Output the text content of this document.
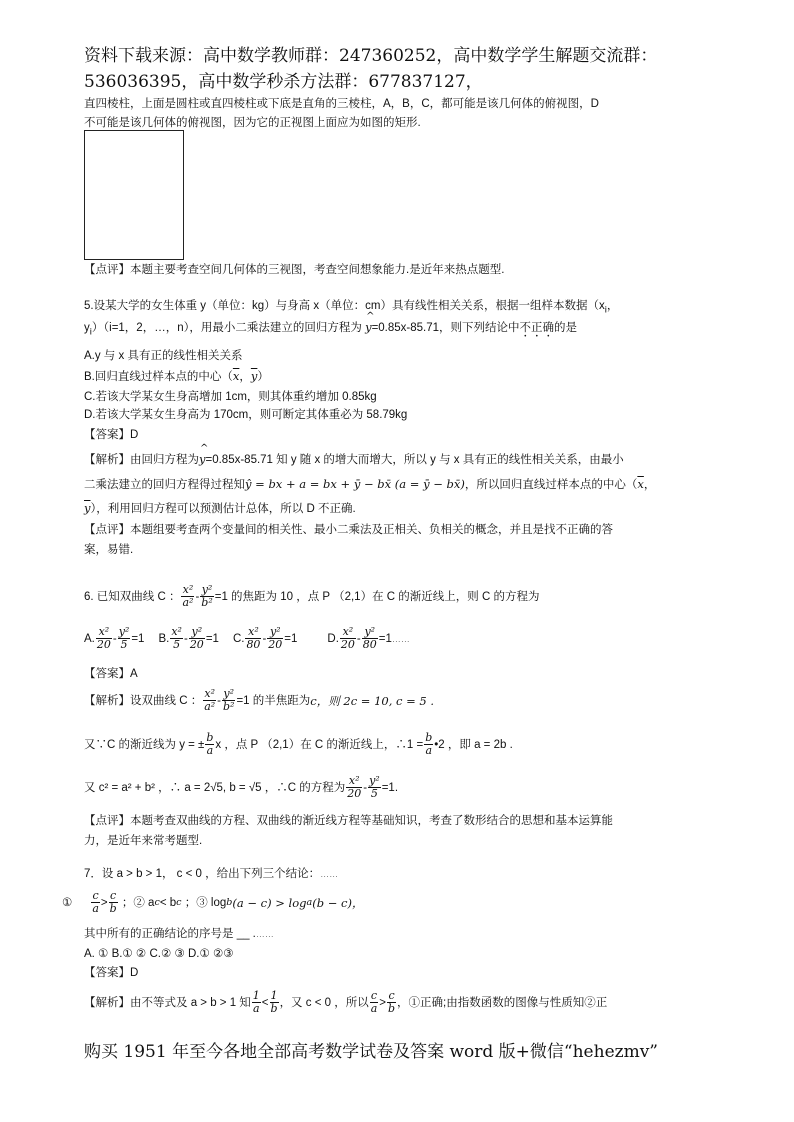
资料下载来源：高中数学教师群：247360252，高中数学学生解题交流群：
536036395，高中数学秒杀方法群：677837127，
直四棱柱，上面是圆柱或直四棱柱或下底是直角的三棱柱，A，B，C，都可能是该几何体的俯视图，D
不可能是该几何体的俯视图，因为它的正视图上面应为如图的矩形.
【点评】本题主要考查空间几何体的三视图，考查空间想象能力.是近年来热点题型.
5.设某大学的女生体重 y（单位：kg）与身高 x（单位：cm）具有线性相关关系，根据一组样本数据（$x_i$，
$y_i)(i=1$，2，…，n），用最小二乘法建立的回归方程为 ^ y=0.85x-85.71，则下列结论中不正确的是
A.y 与 x 具有正的线性相关关系
B.回归直线过样本点的中心（$\overline{x}$，$\overline{y}$）
C.若该大学某女生身高增加 1cm，则其体重约增加 0.85kg
D.若该大学某女生身高为 170cm，则可断定其体重必为 58.79kg
【答案】D
【解析】由回归方程为^ y=0.85x-85.71 知 y 随 x 的增大而增大，所以 y 与 x 具有正的线性相关关系，由最小
二乘法建立的回归方程得过程知ŷ = bx + a = bx + ȳ − bx̄ (a = ȳ − bx̄)，所以回归直线过样本点的中心（$\overline{x}$，
$\overline{y}$），利用回归方程可以预测估计总体，所以 D 不正确.
【点评】本题组要考查两个变量间的相关性、最小二乘法及正相关、负相关的概念，并且是找不正确的答
案，易错.
6. 已知双曲线 C ： $\frac{\text{x²}}{\text{a²}} - \frac{\text{y²}}{\text{b²}} =1$ 的焦距为 10 ，点 P （2,1）在 C 的渐近线上，则 C 的方程为
A. $\frac{\text{x²}}{20} - \frac{\text{y²}}{5} =1$ B. $\frac{\text{x²}}{5} - \frac{\text{y²}}{20} =1$ C. $\frac{\text{x²}}{80} - \frac{\text{y²}}{20} =1$	D. $\frac{\text{x²}}{20} - \frac{\text{y²}}{80} =1$ ……
【答案】A
【解析】设双曲线 C ： $\frac{\text{x²}}{\text{a²}} - \frac{\text{y²}}{\text{b²}} =1$ 的半焦距为 c ，则 2c = 10, c = 5 .
又∵C 的渐近线为 y = ± $\frac{b}{a}$ x ，点 P （2,1）在 C 的渐近线上，∴1 = $\frac{b}{a}$ •2 ，即 a = 2b .
又 c² = a² + b² ，∴ a = 2√5, b = √5 ，∴C 的方程为 $\frac{\text{x²}}{20} - \frac{\text{y²}}{5} =1$.
【点评】本题考查双曲线的方程、双曲线的渐近线方程等基础知识，考查了数形结合的思想和基本运算能
力，是近年来常考题型.
7．设 a > b > 1， c < 0 ，给出下列三个结论：……
① $\frac{c}{a} > \frac{c}{b}$
；② a c < b c
；③ log b (a − c) > log a (b − c)，
其中所有的正确结论的序号是 __ .……
A. ① B.① ② C.② ③ D.① ②③
【答案】D
【解析】由不等式及 a > b > 1 知 $\frac{1}{a} < \frac{1}{b}$ ，又 c < 0 ，所以 $\frac{c}{a} > \frac{c}{b}$ ，①正确;由指数函数的图像与性质知②正
购买 1951 年至今各地全部高考数学试卷及答案 word 版+微信“hehezmv”
